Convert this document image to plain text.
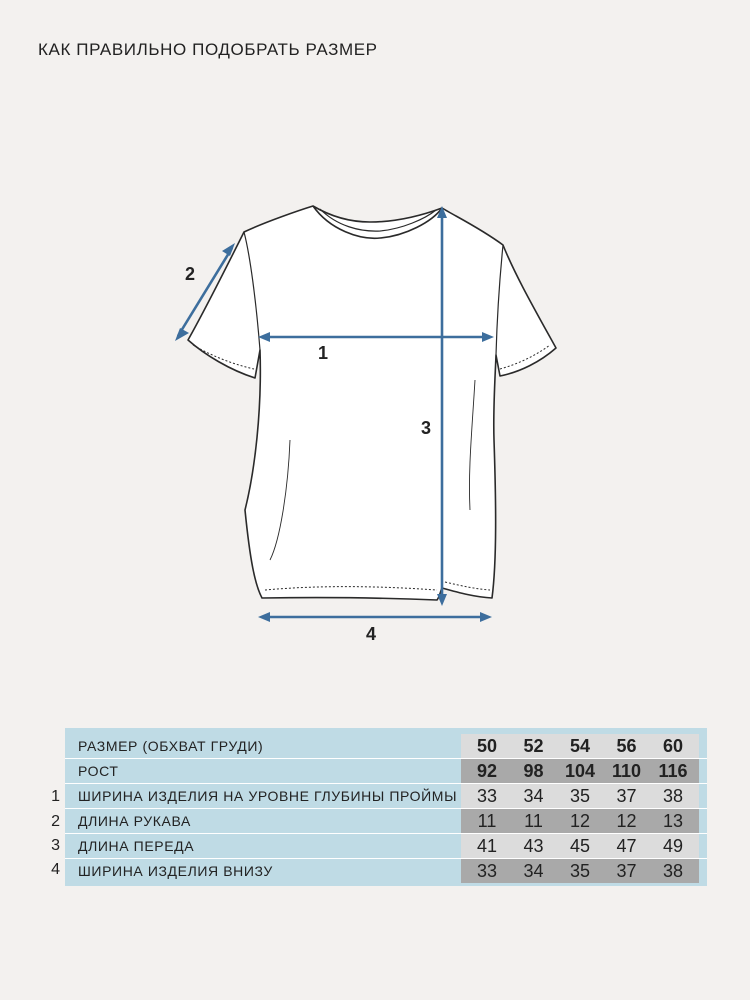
КАК ПРАВИЛЬНО ПОДОБРАТЬ РАЗМЕР
1
2
3
4
1
2
3
4
РАЗМЕР (ОБХВАТ ГРУДИ)	50	52	54	56	60
РОСТ	92	98	104 110 116
ШИРИНА ИЗДЕЛИЯ НА УРОВНЕ ГЛУБИНЫ ПРОЙМЫ	33	34	35	37	38
ДЛИНА РУКАВА	11	11	12	12	13
ДЛИНА ПЕРЕДА	41	43	45	47	49
ШИРИНА ИЗДЕЛИЯ ВНИЗУ	33	34	35	37	38
